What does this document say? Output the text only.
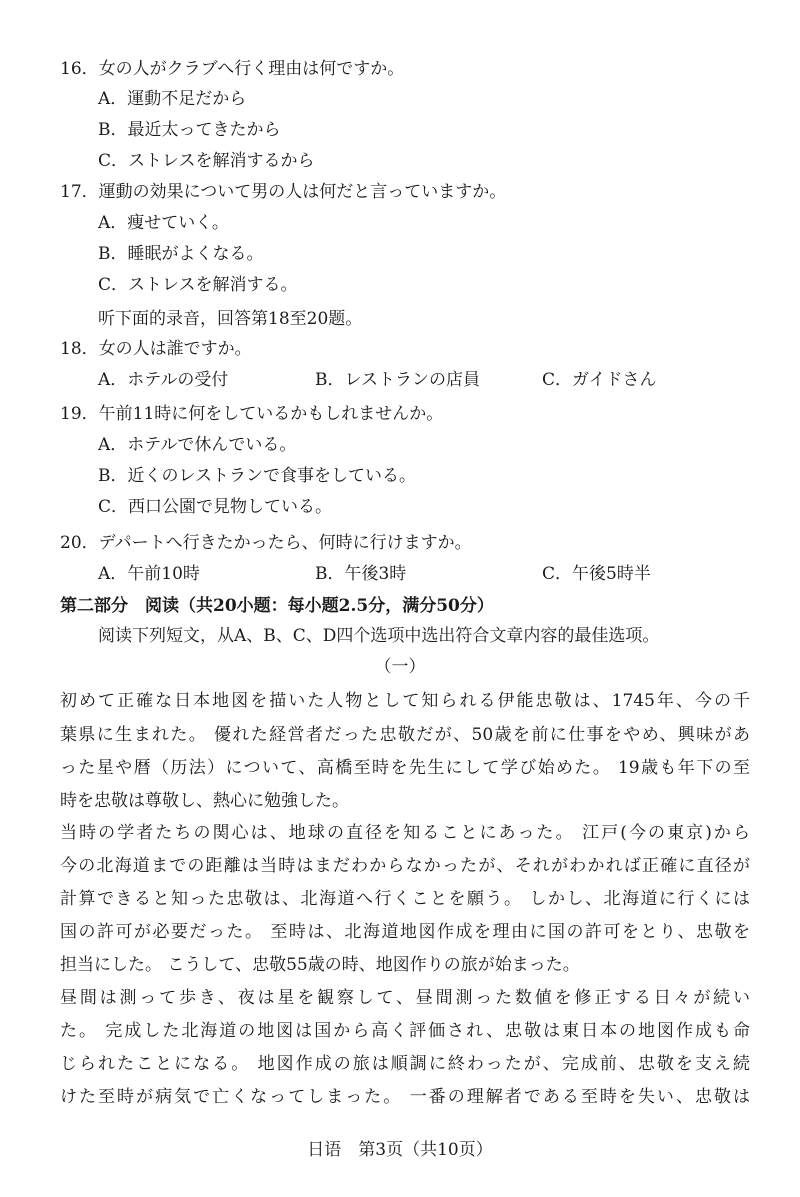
16．女の人がクラブへ行く理由は何ですか。
A．運動不足だから
B．最近太ってきたから
C．ストレスを解消するから
17．運動の効果について男の人は何だと言っていますか。
A．痩せていく。
B．睡眠がよくなる。
C．ストレスを解消する。
听下面的录音，回答第18至20题。
18．女の人は誰ですか。
A．ホテルの受付	B．レストランの店員	C．ガイドさん
19．午前11時に何をしているかもしれませんか。
A．ホテルで休んでいる。
B．近くのレストランで食事をしている。
C．西口公園で見物している。
20．デパートへ行きたかったら、何時に行けますか。
A．午前10時	B．午後3時	C．午後5時半
第二部分　阅读（共20小题：每小题2.5分，满分50分）
阅读下列短文，从A、B、C、D四个选项中选出符合文章内容的最佳选项。
（一）
初めて正確な日本地図を描いた人物として知られる伊能忠敬は、1745年、今の千
葉県に生まれた。 優れた経営者だった忠敬だが、50歳を前に仕事をやめ、興味があ
った星や暦（历法）について、高橋至時を先生にして学び始めた。 19歳も年下の至
時を忠敬は尊敬し、熱心に勉強した。
当時の学者たちの関心は、地球の直径を知ることにあった。 江戸(今の東京)から
今の北海道までの距離は当時はまだわからなかったが、それがわかれば正確に直径が
計算できると知った忠敬は、北海道へ行くことを願う。 しかし、北海道に行くには
国の許可が必要だった。 至時は、北海道地図作成を理由に国の許可をとり、忠敬を
担当にした。 こうして、忠敬55歳の時、地図作りの旅が始まった。
昼間は測って歩き、夜は星を観察して、昼間測った数値を修正する日々が続い
た。 完成した北海道の地図は国から高く評価され、忠敬は東日本の地図作成も命
じられたことになる。 地図作成の旅は順調に終わったが、完成前、忠敬を支え続
けた至時が病気で亡くなってしまった。 一番の理解者である至時を失い、忠敬は
日语　第3页（共10页）
